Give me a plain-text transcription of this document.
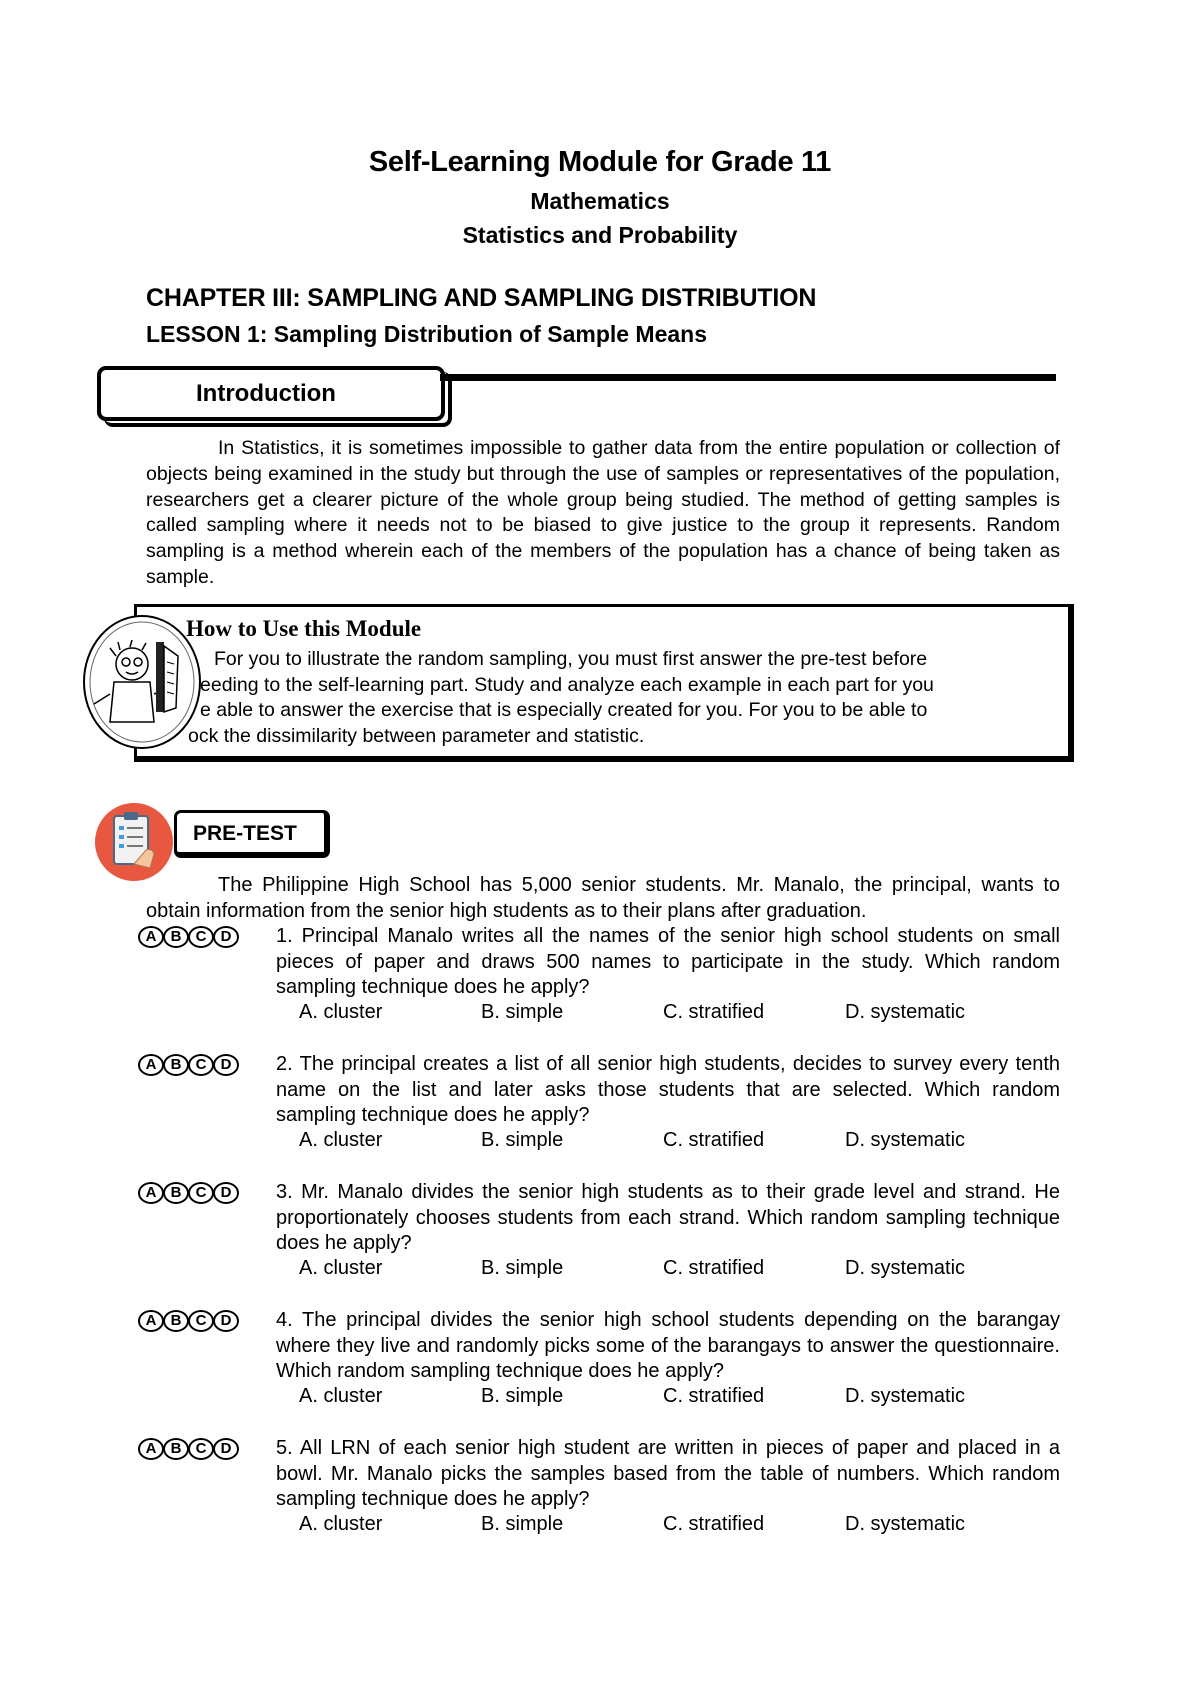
Self-Learning Module for Grade 11
Mathematics
Statistics and Probability
CHAPTER III: SAMPLING AND SAMPLING DISTRIBUTION
LESSON 1: Sampling Distribution of Sample Means
Introduction
In Statistics, it is sometimes impossible to gather data from the entire population or collection of objects being examined in the study but through the use of samples or representatives of the population, researchers get a clearer picture of the whole group being studied. The method of getting samples is called sampling where it needs not to be biased to give justice to the group it represents. Random sampling is a method wherein each of the members of the population has a chance of being taken as sample.
How to Use this Module
For you to illustrate the random sampling, you must first answer the pre-test before
eeding to the self-learning part. Study and analyze each example in each part for you
e able to answer the exercise that is especially created for you. For you to be able to
ock the dissimilarity between parameter and statistic.
PRE-TEST
The Philippine High School has 5,000 senior students. Mr. Manalo, the principal, wants to obtain information from the senior high students as to their plans after graduation.
A B C D	1. Principal Manalo writes all the names of the senior high school students on small pieces of paper and draws 500 names to participate in the study. Which random sampling technique does he apply?
A. cluster	B. simple	C. stratified	D. systematic
A B C D	2. The principal creates a list of all senior high students, decides to survey every tenth name on the list and later asks those students that are selected. Which random sampling technique does he apply?
A. cluster	B. simple	C. stratified	D. systematic
A B C D	3. Mr. Manalo divides the senior high students as to their grade level and strand. He proportionately chooses students from each strand. Which random sampling technique does he apply?
A. cluster	B. simple	C. stratified	D. systematic
A B C D	4. The principal divides the senior high school students depending on the barangay where they live and randomly picks some of the barangays to answer the questionnaire. Which random sampling technique does he apply?
A. cluster	B. simple	C. stratified	D. systematic
A B C D	5. All LRN of each senior high student are written in pieces of paper and placed in a bowl. Mr. Manalo picks the samples based from the table of numbers. Which random sampling technique does he apply?
A. cluster	B. simple	C. stratified	D. systematic
